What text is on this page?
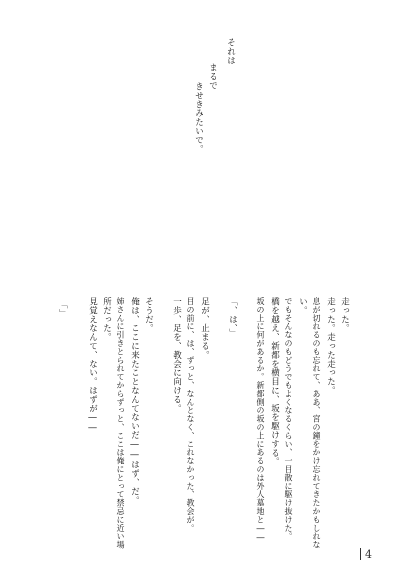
それは
まるで
きせきみたいで。
走った。
走った。走った走った。
息が切れるのも忘れて、ああ、宮の鐘をかけ忘れてきたかもしれな
い。
でもそんなのもどうでもよくなるくらい、一目散に駆け抜けた。
橋を越え、新都を横目に、坂を駆けする。
坂の上に何があるか。新都側の坂の上にあるのは外人墓地と――
「、は、」
足が、止まる。
目の前に、は、ずっと、なんとなく、これなかった、教会が。
一歩、足を、教会に向ける。
そうだ。
俺は、ここに来たことなんてないだ――はず、だ。
姉さんに引きとられてからずっと、ここは俺にとって禁忌に近い場
所だった。
見覚えなんて、ない。はずが――
「」
4
